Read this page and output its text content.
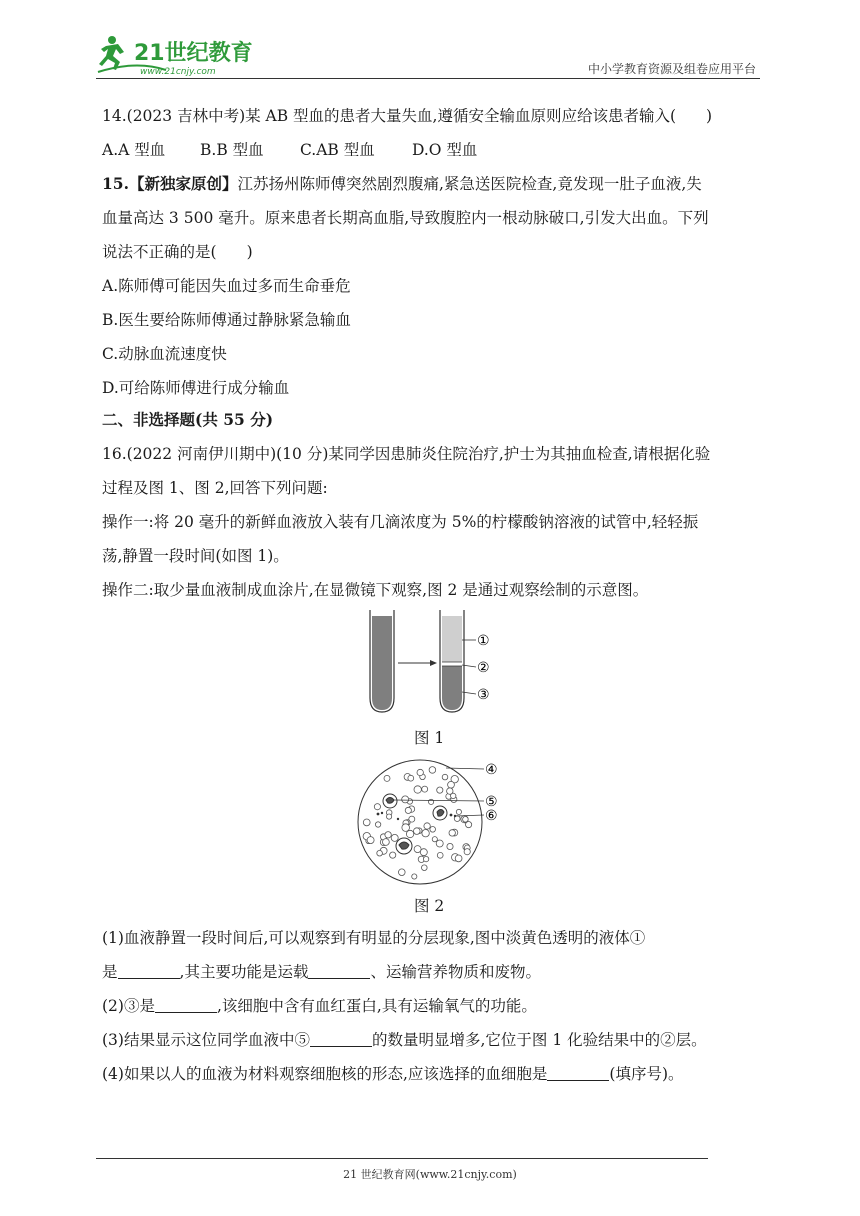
21世纪教育
www.21cnjy.com	中小学教育资源及组卷应用平台
14.(2023 吉林中考)某 AB 型血的患者大量失血,遵循安全输血原则应给该患者输入( )
A.A 型血 B.B 型血 C.AB 型血 D.O 型血
15.【新独家原创】江苏扬州陈师傅突然剧烈腹痛,紧急送医院检查,竟发现一肚子血液,失
血量高达 3 500 毫升。原来患者长期高血脂,导致腹腔内一根动脉破口,引发大出血。下列
说法不正确的是( )
A.陈师傅可能因失血过多而生命垂危
B.医生要给陈师傅通过静脉紧急输血
C.动脉血流速度快
D.可给陈师傅进行成分输血
二、非选择题(共 55 分)
16.(2022 河南伊川期中)(10 分)某同学因患肺炎住院治疗,护士为其抽血检查,请根据化验
过程及图 1、图 2,回答下列问题:
操作一:将 20 毫升的新鲜血液放入装有几滴浓度为 5%的柠檬酸钠溶液的试管中,轻轻振
荡,静置一段时间(如图 1)。
操作二:取少量血液制成血涂片,在显微镜下观察,图 2 是通过观察绘制的示意图。
①
②
③
图 1
④
⑤
⑥
图 2
(1)血液静置一段时间后,可以观察到有明显的分层现象,图中淡黄色透明的液体①
是	,其主要功能是运载	、运输营养物质和废物。
(2)③是	,该细胞中含有血红蛋白,具有运输氧气的功能。
(3)结果显示这位同学血液中⑤	的数量明显增多,它位于图 1 化验结果中的②层。
(4)如果以人的血液为材料观察细胞核的形态,应该选择的血细胞是	(填序号)。
21 世纪教育网(www.21cnjy.com)
